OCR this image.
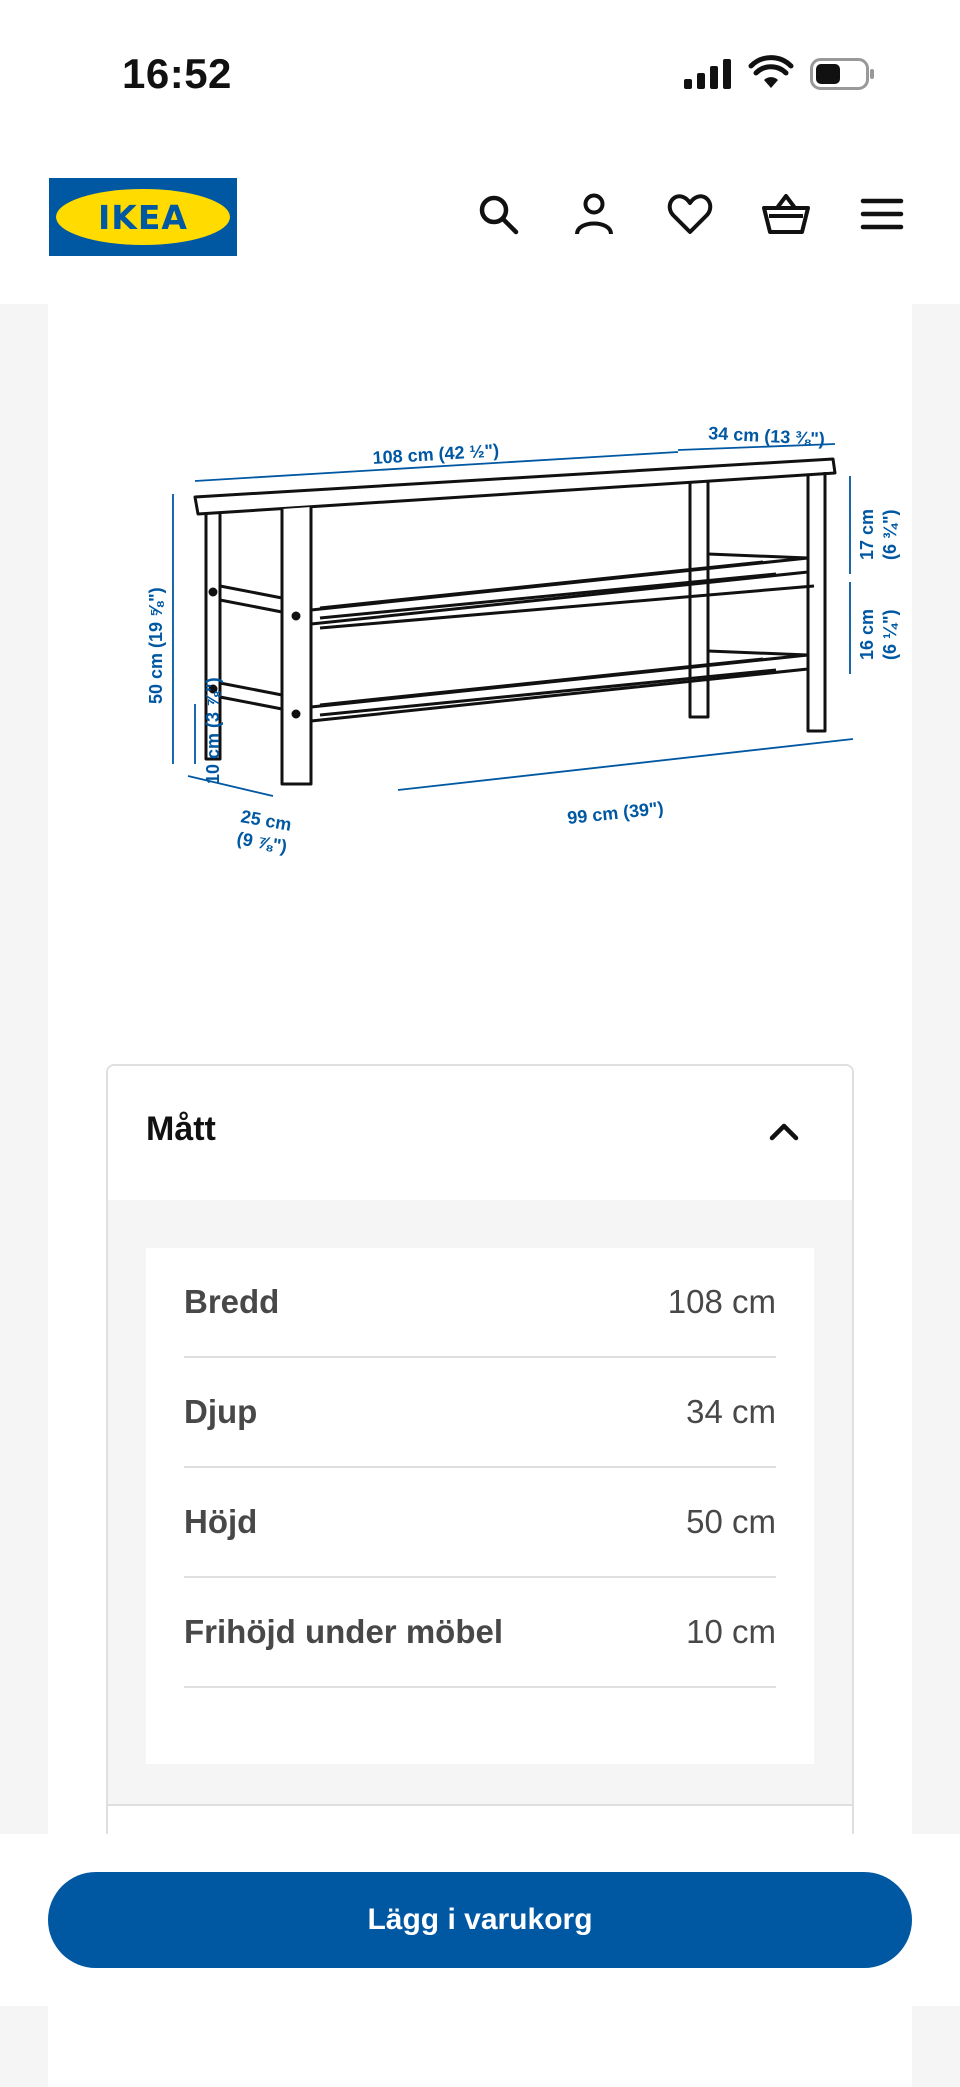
16:52
IKEA
108 cm (42 ½")
34 cm (13 ⅜")
50 cm (19 ⅝")
10 cm (3 ⅞")
25 cm
(9 ⅞")
99 cm (39")
17 cm (6 ¾")
16 cm (6 ¼")
Mått
Bredd	108 cm
Djup	34 cm
Höjd	50 cm
Frihöjd under möbel	10 cm
Lägg i varukorg
